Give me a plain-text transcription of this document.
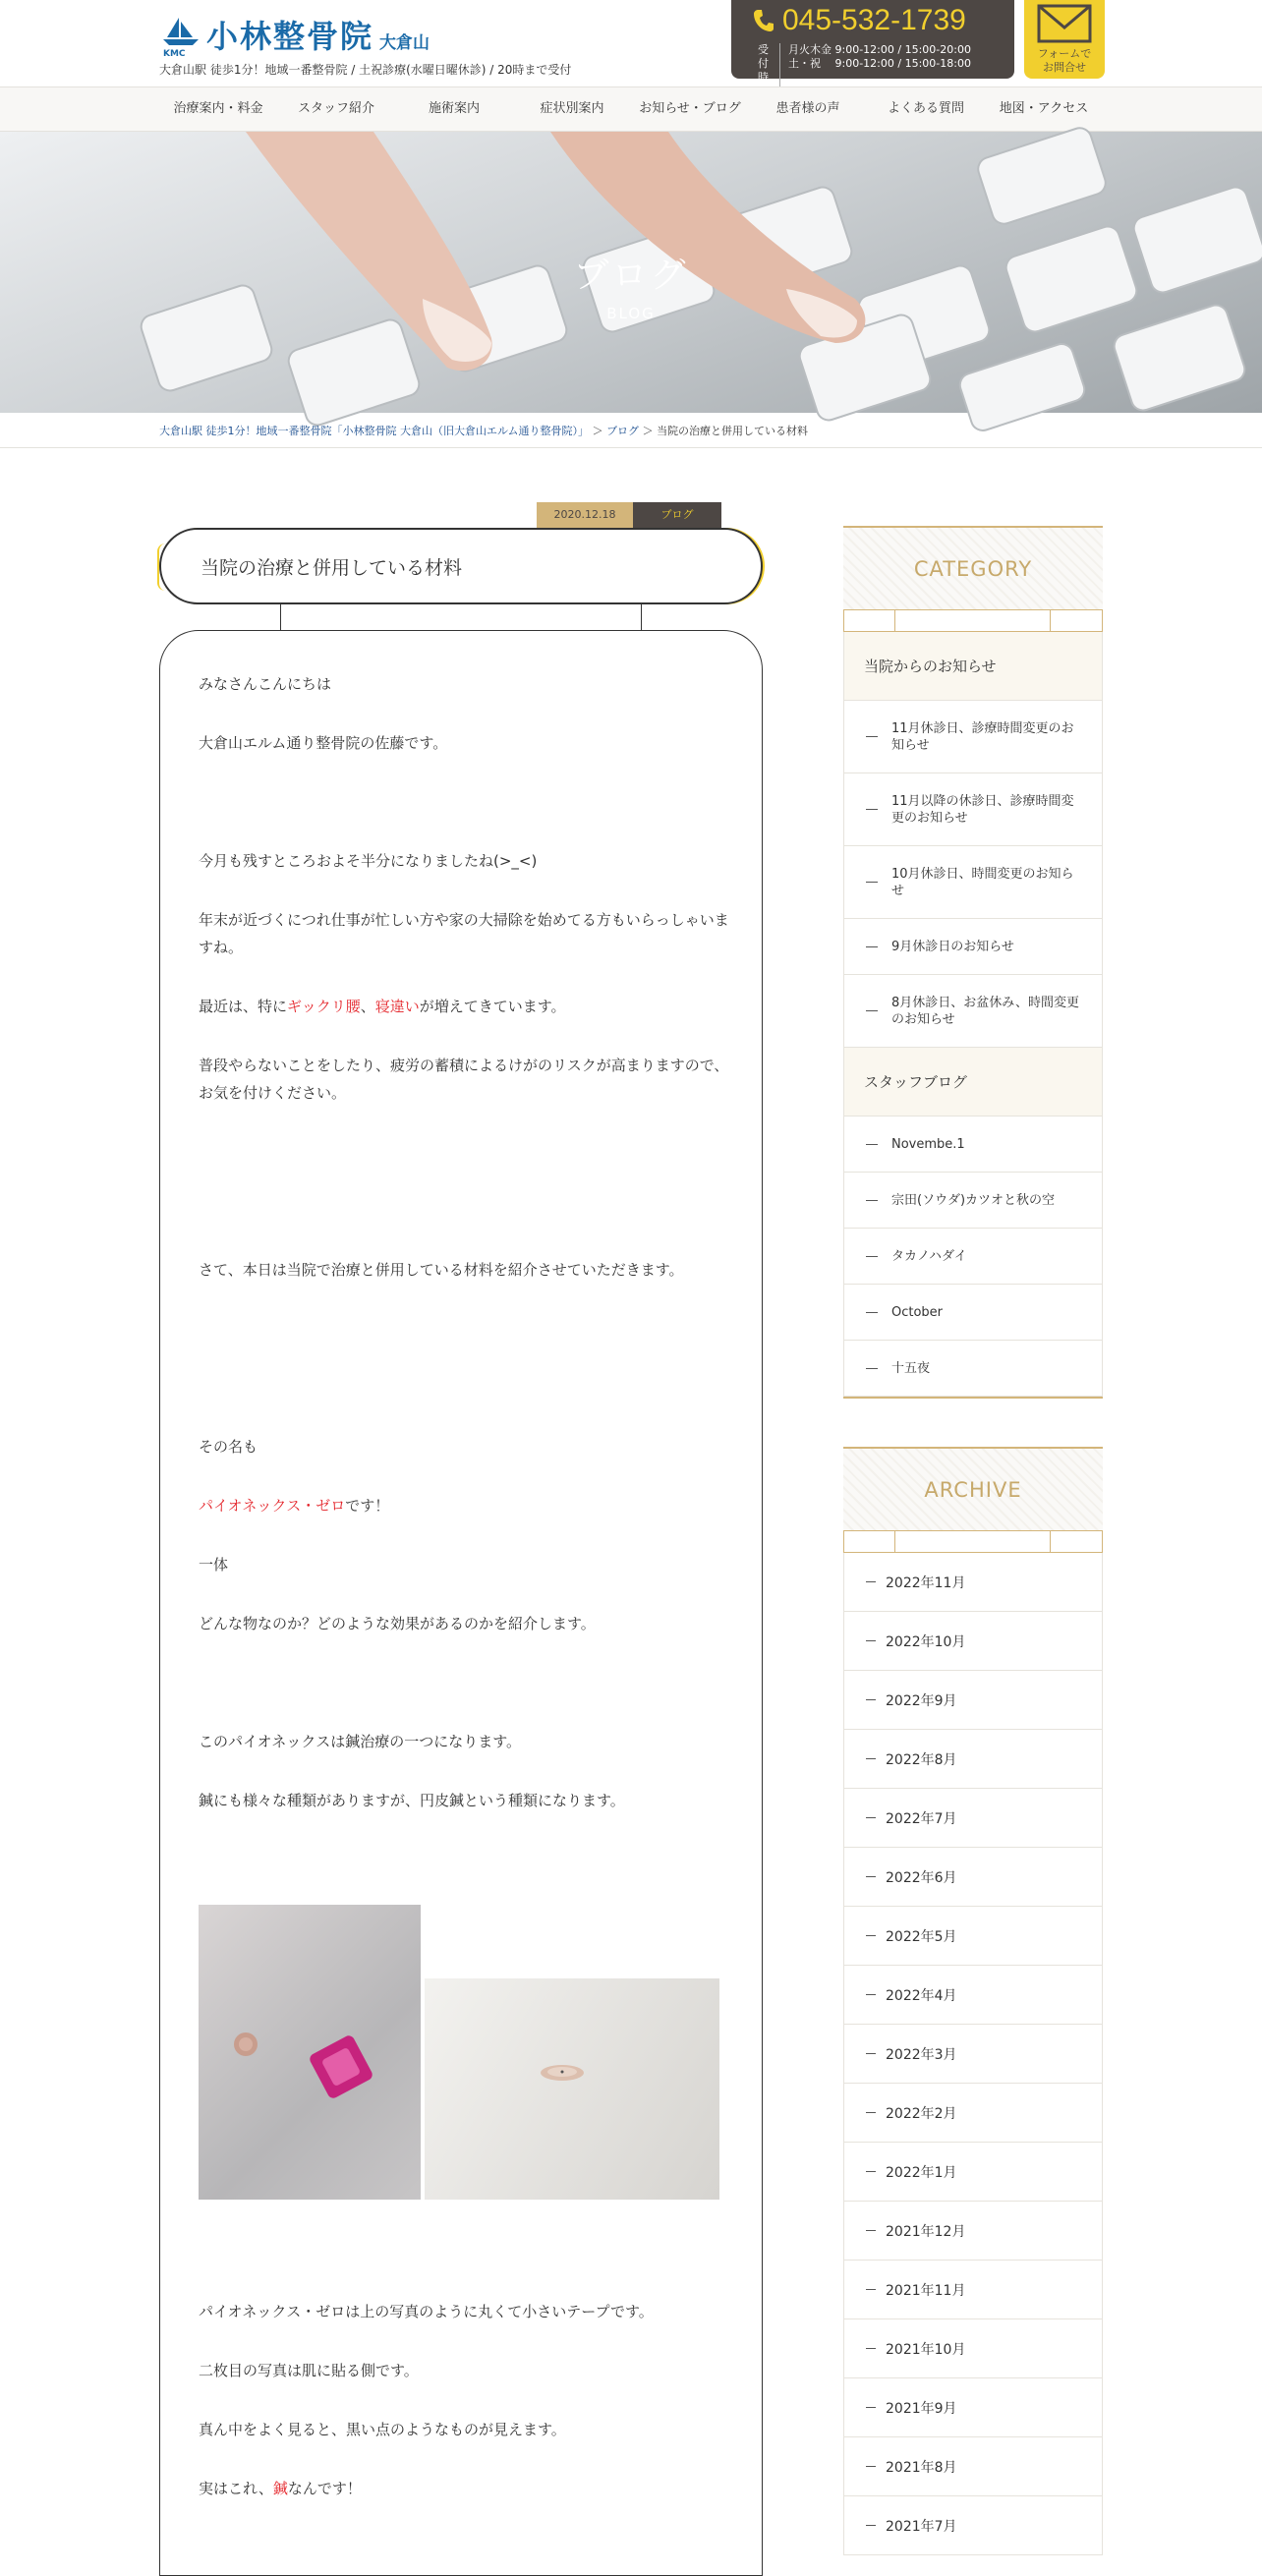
KMC 小林整骨院 大倉山
大倉山駅 徒歩1分！地域一番整骨院 / 土祝診療(水曜日曜休診) / 20時まで受付
045-532-1739
受付
時
月火木金 9:00-12:00 / 15:00-20:00
土・祝　 9:00-12:00 / 15:00-18:00
フォームで
お問合せ
治療案内・料金	スタッフ紹介	施術案内	症状別案内	お知らせ・ブログ	患者様の声	よくある質問	地図・アクセス
ブログ
BLOG
大倉山駅 徒歩1分！地域一番整骨院「小林整骨院 大倉山（旧大倉山エルム通り整骨院）」 ＞ ブログ ＞ 当院の治療と併用している材料
2020.12.18	ブログ
当院の治療と併用している材料
みなさんこんにちは
大倉山エルム通り整骨院の佐藤です。
今月も残すところおよそ半分になりましたね(>_<)
年末が近づくにつれ仕事が忙しい方や家の大掃除を始めてる方もいらっしゃいますね。
最近は、特にギックリ腰、寝違いが増えてきています。
普段やらないことをしたり、疲労の蓄積によるけがのリスクが高まりますので、お気を付けください。
さて、本日は当院で治療と併用している材料を紹介させていただきます。
その名も
パイオネックス・ゼロです！
一体
どんな物なのか？どのような効果があるのかを紹介します。
このパイオネックスは鍼治療の一つになります。
鍼にも様々な種類がありますが、円皮鍼という種類になります。
パイオネックス・ゼロは上の写真のように丸くて小さいテープです。
二枚目の写真は肌に貼る側です。
真ん中をよく見ると、黒い点のようなものが見えます。
実はこれ、鍼なんです！
CATEGORY
当院からのお知らせ
11月休診日、診療時間変更のお知らせ
11月以降の休診日、診療時間変更のお知らせ
10月休診日、時間変更のお知らせ
9月休診日のお知らせ
8月休診日、お盆休み、時間変更のお知らせ
スタッフブログ
Novembe.1
宗田(ソウダ)カツオと秋の空
タカノハダイ
October
十五夜
ARCHIVE
2022年11月
2022年10月
2022年9月
2022年8月
2022年7月
2022年6月
2022年5月
2022年4月
2022年3月
2022年2月
2022年1月
2021年12月
2021年11月
2021年10月
2021年9月
2021年8月
2021年7月
